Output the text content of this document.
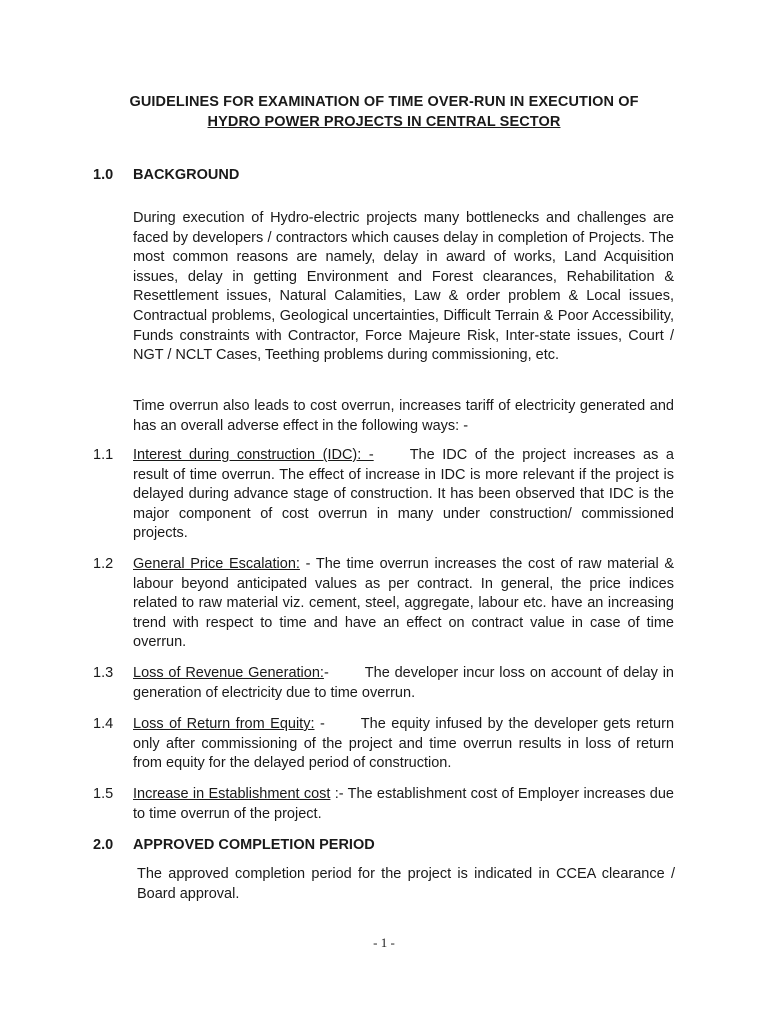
GUIDELINES FOR EXAMINATION OF TIME OVER-RUN IN EXECUTION OF
HYDRO POWER PROJECTS IN CENTRAL SECTOR
1.0 BACKGROUND
During execution of Hydro-electric projects many bottlenecks and challenges are faced by developers / contractors which causes delay in completion of Projects. The most common reasons are namely, delay in award of works, Land Acquisition issues, delay in getting Environment and Forest clearances, Rehabilitation & Resettlement issues, Natural Calamities, Law & order problem & Local issues, Contractual problems, Geological uncertainties, Difficult Terrain & Poor Accessibility, Funds constraints with Contractor, Force Majeure Risk, Inter-state issues, Court / NGT / NCLT Cases, Teething problems during commissioning, etc.
Time overrun also leads to cost overrun, increases tariff of electricity generated and has an overall adverse effect in the following ways: -
1.1 Interest during construction (IDC): - The IDC of the project increases as a result of time overrun. The effect of increase in IDC is more relevant if the project is delayed during advance stage of construction. It has been observed that IDC is the major component of cost overrun in many under construction/ commissioned projects.
1.2 General Price Escalation: - The time overrun increases the cost of raw material & labour beyond anticipated values as per contract. In general, the price indices related to raw material viz. cement, steel, aggregate, labour etc. have an increasing trend with respect to time and have an effect on contract value in case of time overrun.
1.3 Loss of Revenue Generation:- The developer incur loss on account of delay in generation of electricity due to time overrun.
1.4 Loss of Return from Equity: - The equity infused by the developer gets return only after commissioning of the project and time overrun results in loss of return from equity for the delayed period of construction.
1.5 Increase in Establishment cost :- The establishment cost of Employer increases due to time overrun of the project.
2.0 APPROVED COMPLETION PERIOD
The approved completion period for the project is indicated in CCEA clearance / Board approval.
- 1 -
